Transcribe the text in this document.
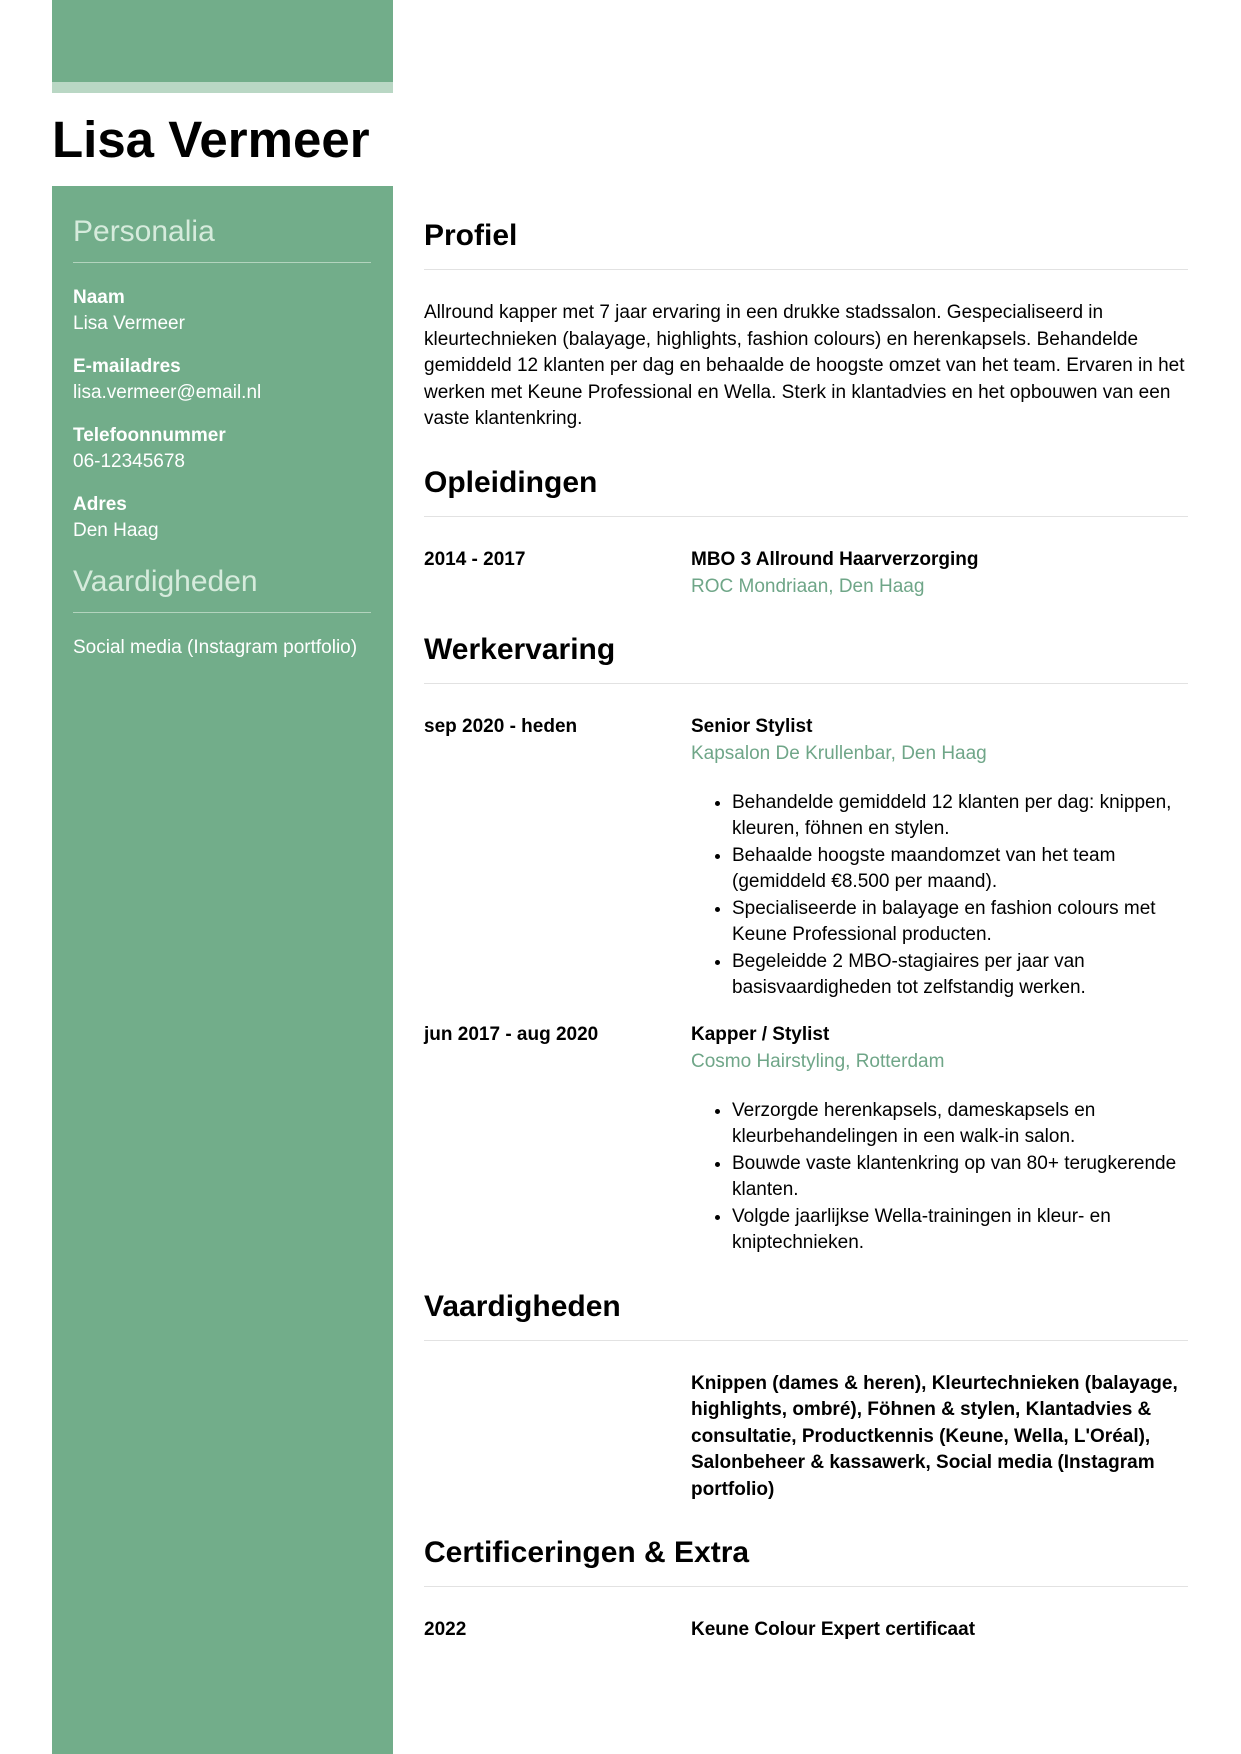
Lisa Vermeer
Personalia
Naam
Lisa Vermeer
E-mailadres
lisa.vermeer@email.nl
Telefoonnummer
06-12345678
Adres
Den Haag
Vaardigheden
Social media (Instagram portfolio)
Profiel

Allround kapper met 7 jaar ervaring in een drukke stadssalon. Gespecialiseerd in kleurtechnieken (balayage, highlights, fashion colours) en herenkapsels. Behandelde gemiddeld 12 klanten per dag en behaalde de hoogste omzet van het team. Ervaren in het werken met Keune Professional en Wella. Sterk in klantadvies en het opbouwen van een vaste klantenkring.

Opleidingen
2014 - 2017	MBO 3 Allround Haarverzorging
ROC Mondriaan, Den Haag
Werkervaring
sep 2020 - heden	Senior Stylist
Kapsalon De Krullenbar, Den Haag
• Behandelde gemiddeld 12 klanten per dag: knippen, kleuren, föhnen en stylen.
• Behaalde hoogste maandomzet van het team (gemiddeld €8.500 per maand).
• Specialiseerde in balayage en fashion colours met Keune Professional producten.
• Begeleidde 2 MBO-stagiaires per jaar van basisvaardigheden tot zelfstandig werken.
jun 2017 - aug 2020	Kapper / Stylist
Cosmo Hairstyling, Rotterdam
• Verzorgde herenkapsels, dameskapsels en kleurbehandelingen in een walk-in salon.
• Bouwde vaste klantenkring op van 80+ terugkerende klanten.
• Volgde jaarlijkse Wella-trainingen in kleur- en kniptechnieken.
Vaardigheden
Knippen (dames & heren), Kleurtechnieken (balayage, highlights, ombré), Föhnen & stylen, Klantadvies & consultatie, Productkennis (Keune, Wella, L'Oréal), Salonbeheer & kassawerk, Social media (Instagram portfolio)
Certificeringen & Extra
2022	Keune Colour Expert certificaat
